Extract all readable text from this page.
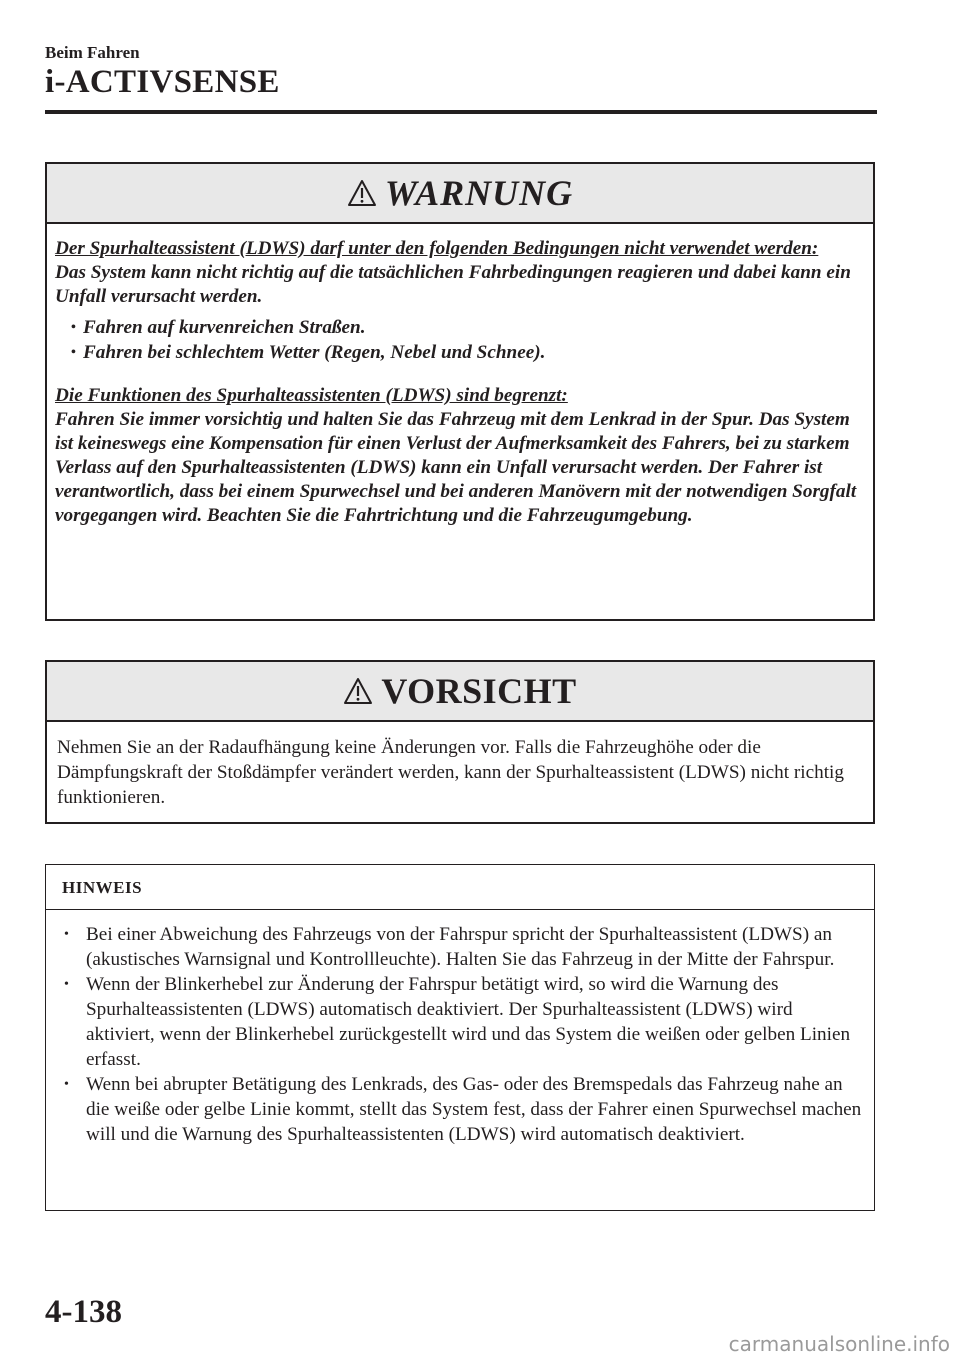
Beim Fahren
i-ACTIVSENSE
WARNUNG

Der Spurhalteassistent (LDWS) darf unter den folgenden Bedingungen nicht verwendet werden:

Das System kann nicht richtig auf die tatsächlichen Fahrbedingungen reagieren und dabei kann ein Unfall verursacht werden.

• Fahren auf kurvenreichen Straßen.
• Fahren bei schlechtem Wetter (Regen, Nebel und Schnee).

Die Funktionen des Spurhalteassistenten (LDWS) sind begrenzt:

Fahren Sie immer vorsichtig und halten Sie das Fahrzeug mit dem Lenkrad in der Spur. Das System ist keineswegs eine Kompensation für einen Verlust der Aufmerksamkeit des Fahrers, bei zu starkem Verlass auf den Spurhalteassistenten (LDWS) kann ein Unfall verursacht werden. Der Fahrer ist verantwortlich, dass bei einem Spurwechsel und bei anderen Manövern mit der notwendigen Sorgfalt vorgegangen wird. Beachten Sie die Fahrtrichtung und die Fahrzeugumgebung.

VORSICHT

Nehmen Sie an der Radaufhängung keine Änderungen vor. Falls die Fahrzeughöhe oder die Dämpfungskraft der Stoßdämpfer verändert werden, kann der Spurhalteassistent (LDWS) nicht richtig funktionieren.

HINWEIS
• Bei einer Abweichung des Fahrzeugs von der Fahrspur spricht der Spurhalteassistent (LDWS) an (akustisches Warnsignal und Kontrollleuchte). Halten Sie das Fahrzeug in der Mitte der Fahrspur.
• Wenn der Blinkerhebel zur Änderung der Fahrspur betätigt wird, so wird die Warnung des Spurhalteassistenten (LDWS) automatisch deaktiviert. Der Spurhalteassistent (LDWS) wird aktiviert, wenn der Blinkerhebel zurückgestellt wird und das System die weißen oder gelben Linien erfasst.
• Wenn bei abrupter Betätigung des Lenkrads, des Gas- oder des Bremspedals das Fahrzeug nahe an die weiße oder gelbe Linie kommt, stellt das System fest, dass der Fahrer einen Spurwechsel machen will und die Warnung des Spurhalteassistenten (LDWS) wird automatisch deaktiviert.
4-138
carmanualsonline.info
